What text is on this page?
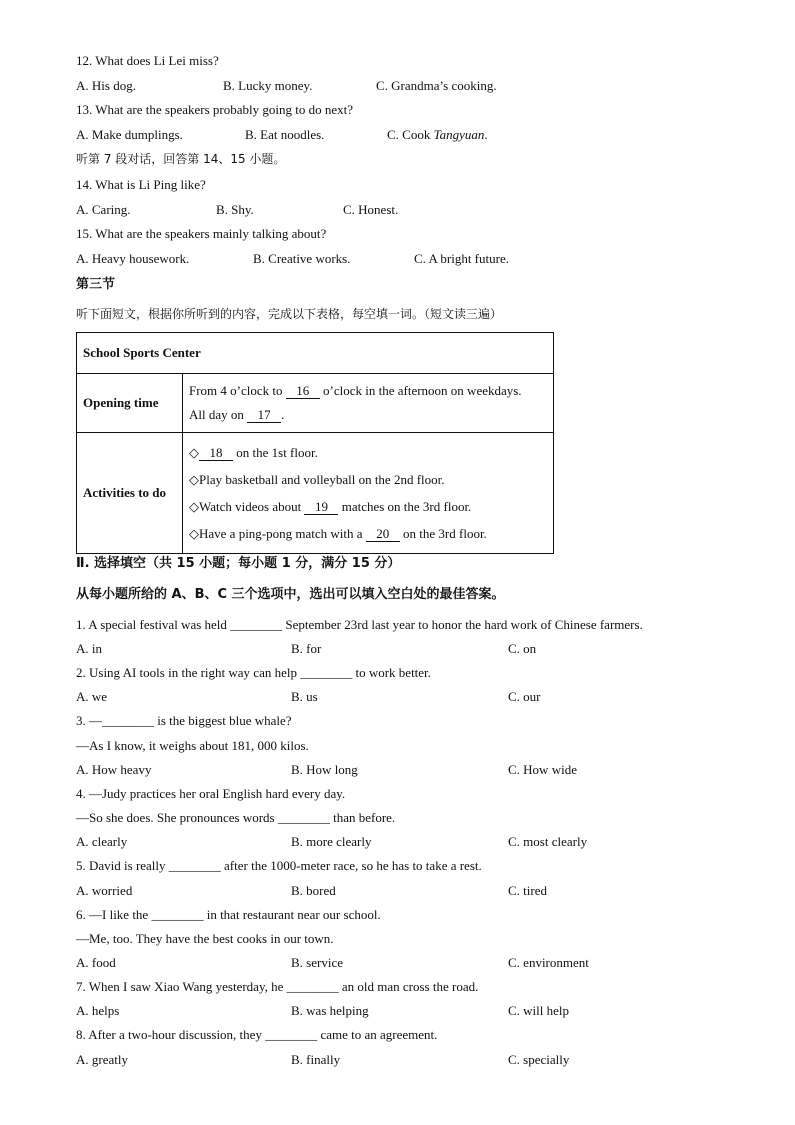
12. What does Li Lei miss?
A. His dog.	B. Lucky money.	C. Grandma’s cooking.
13. What are the speakers probably going to do next?
A. Make dumplings.	B. Eat noodles.	C. Cook Tangyuan.
听第 7 段对话，回答第 14、15 小题。
14. What is Li Ping like?
A. Caring.	B. Shy.	C. Honest.
15. What are the speakers mainly talking about?
A. Heavy housework.	B. Creative works.	C. A bright future.
第三节
听下面短文，根据你所听到的内容，完成以下表格，每空填一词。（短文读三遍）
School Sports Center	
Opening time	From 4 o’clock to 16 o’clock in the afternoon on weekdays.
All day on 17 .

Activities to do	◇ 18 on the 1st floor.
◇Play basketball and volleyball on the 2nd floor.
◇Watch videos about 19 matches on the 3rd floor.
◇Have a ping-pong match with a 20 on the 3rd floor.
Ⅱ. 选择填空（共 15 小题；每小题 1 分，满分 15 分）
从每小题所给的 A、B、C 三个选项中，选出可以填入空白处的最佳答案。
1. A special festival was held ________ September 23rd last year to honor the hard work of Chinese farmers.
A. in	B. for	C. on
2. Using AI tools in the right way can help ________ to work better.
A. we	B. us	C. our
3. —________ is the biggest blue whale?
—As I know, it weighs about 181, 000 kilos.
A. How heavy	B. How long	C. How wide
4. —Judy practices her oral English hard every day.
—So she does. She pronounces words ________ than before.
A. clearly	B. more clearly	C. most clearly
5. David is really ________ after the 1000-meter race, so he has to take a rest.
A. worried	B. bored	C. tired
6. —I like the ________ in that restaurant near our school.
—Me, too. They have the best cooks in our town.
A. food	B. service	C. environment
7. When I saw Xiao Wang yesterday, he ________ an old man cross the road.
A. helps	B. was helping	C. will help
8. After a two-hour discussion, they ________ came to an agreement.
A. greatly	B. finally	C. specially
